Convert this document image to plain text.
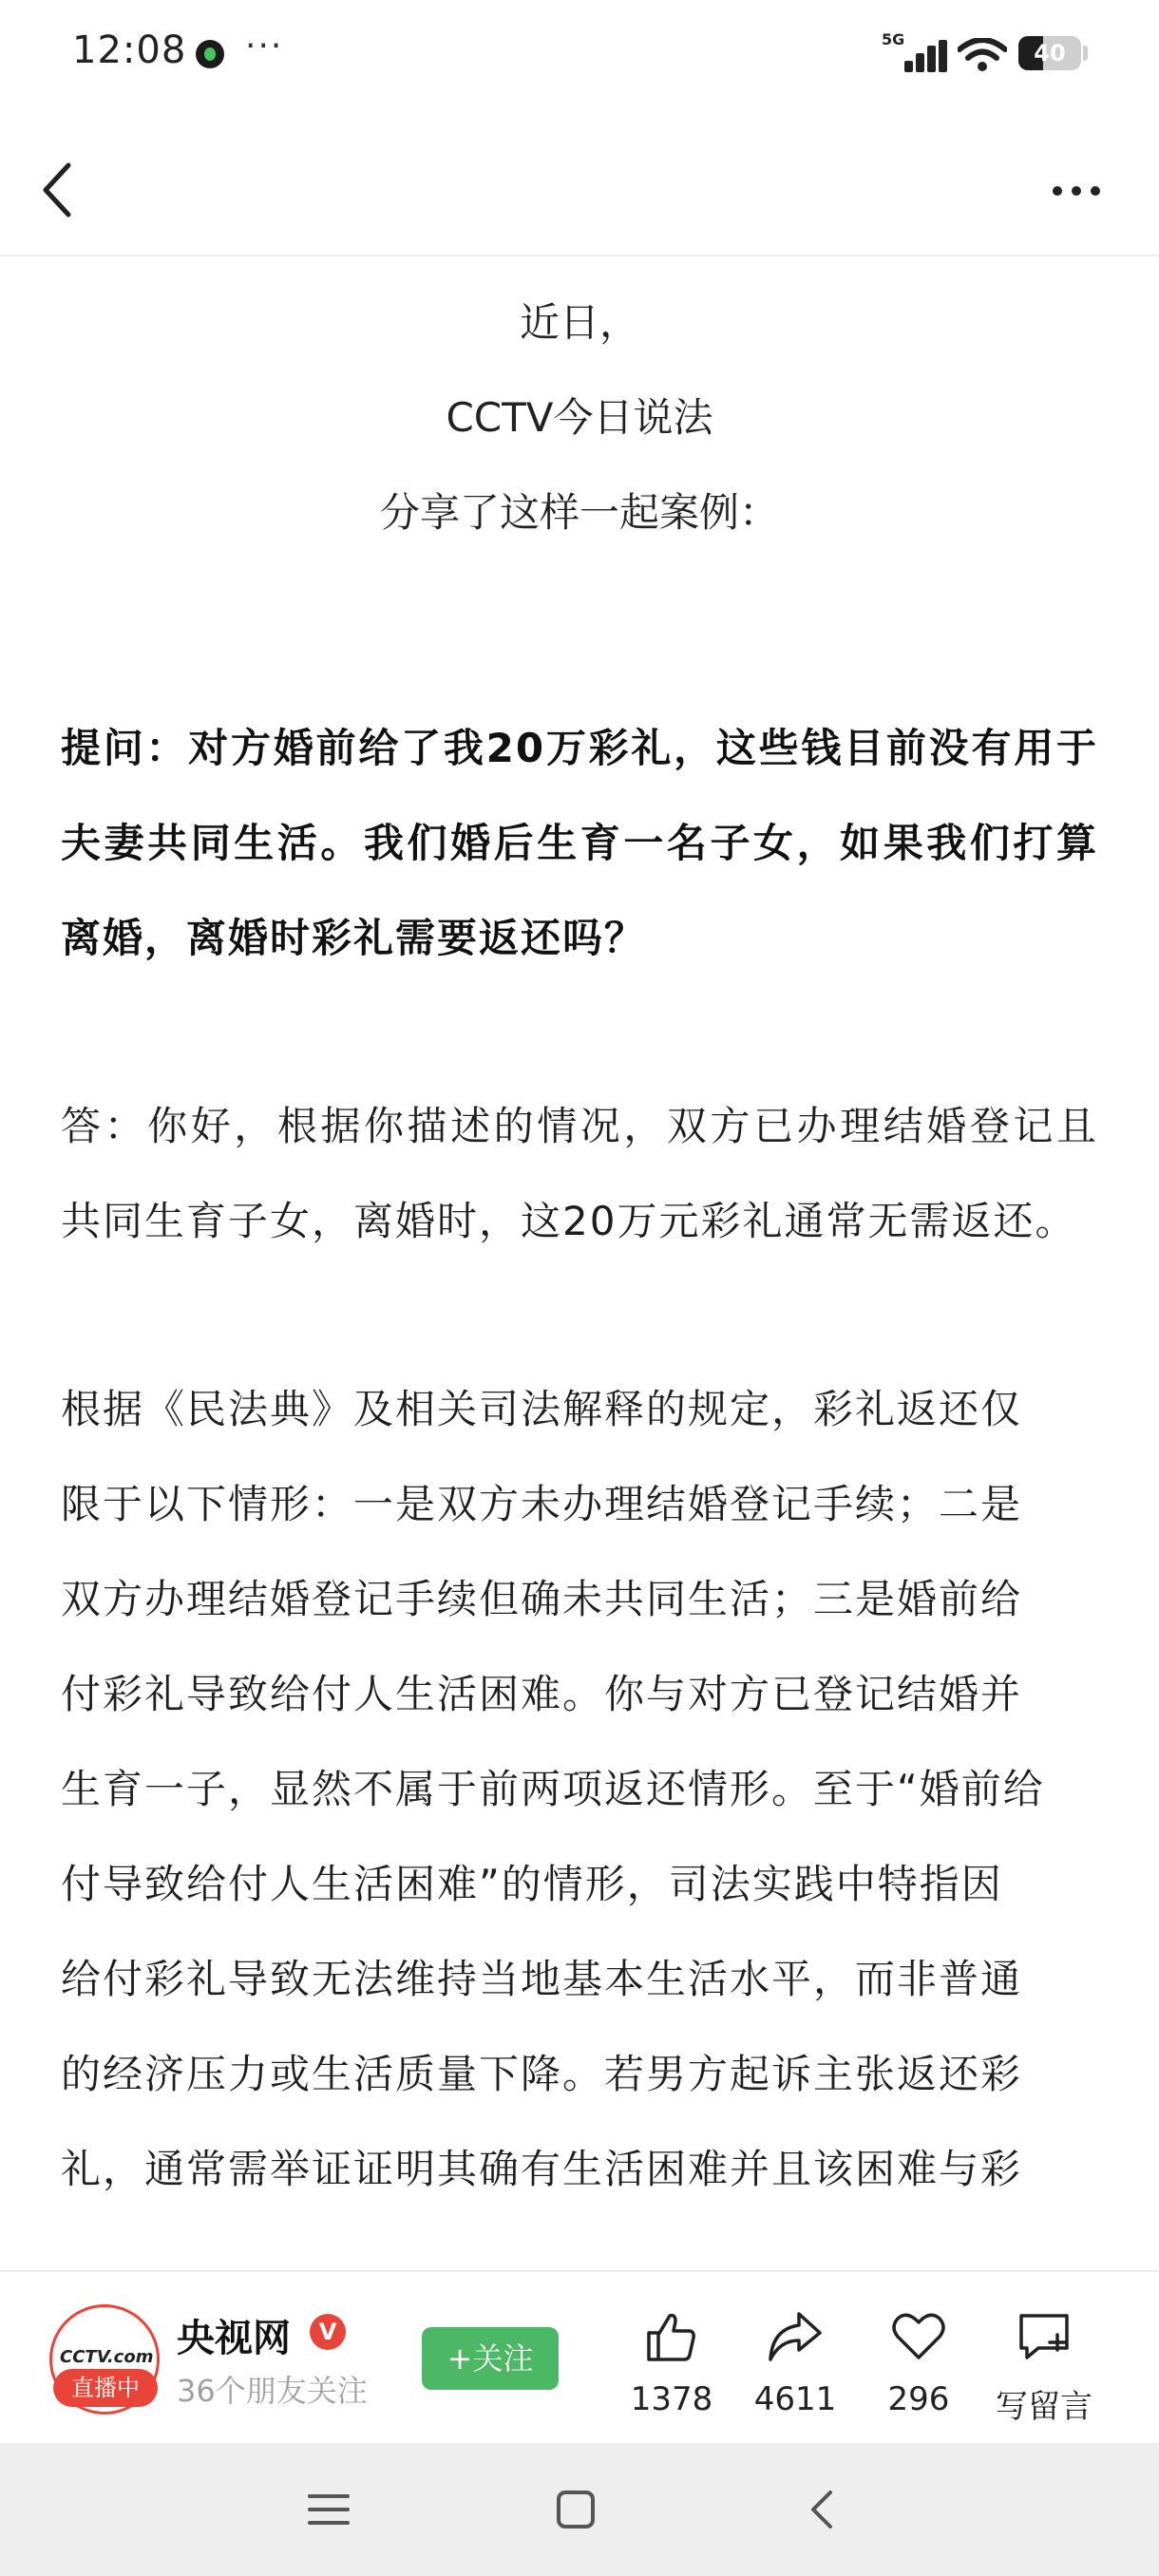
12:08 ···	5G
40
近日，
CCTV今日说法
分享了这样一起案例：

提问：对方婚前给了我20万彩礼，这些钱目前没有用于夫妻共同生活。我们婚后生育一名子女，如果我们打算离婚，离婚时彩礼需要返还吗？

答：你好，根据你描述的情况，双方已办理结婚登记且共同生育子女，离婚时，这20万元彩礼通常无需返还。

根据《民法典》及相关司法解释的规定，彩礼返还仅
限于以下情形：一是双方未办理结婚登记手续；二是
双方办理结婚登记手续但确未共同生活；三是婚前给
付彩礼导致给付人生活困难。你与对方已登记结婚并
生育一子，显然不属于前两项返还情形。至于“婚前给
付导致给付人生活困难”的情形，司法实践中特指因
给付彩礼导致无法维持当地基本生活水平，而非普通
的经济压力或生活质量下降。若男方起诉主张返还彩
礼，通常需举证证明其确有生活困难并且该困难与彩
CCTV.com
直播中
央视网	V
36个朋友关注
+关注
1378	4611	296	写留言
